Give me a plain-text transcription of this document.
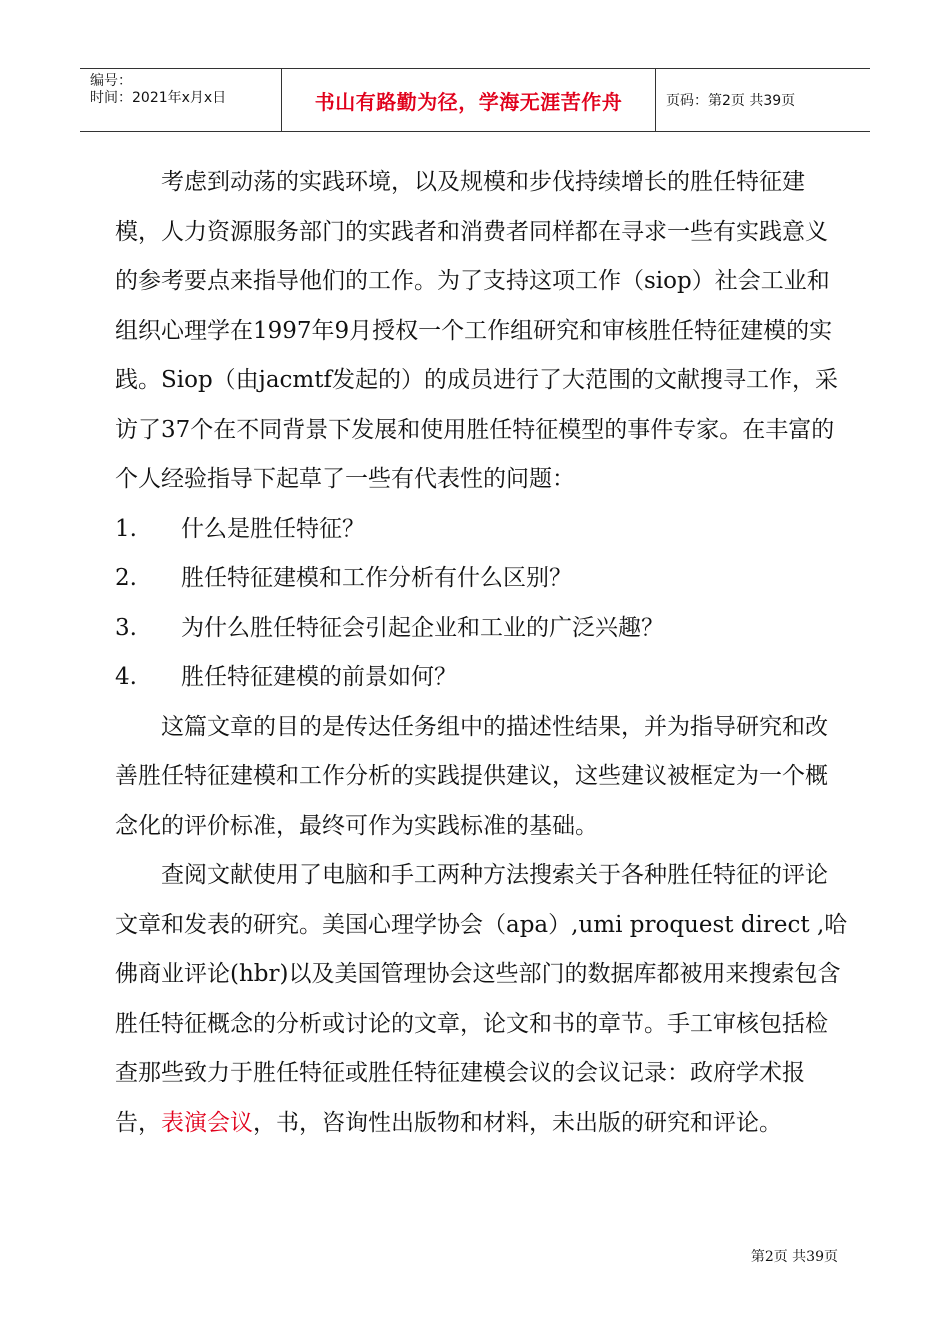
编号：
时间：2021年x月x日	书山有路勤为径，学海无涯苦作舟	页码：第2页 共39页

考虑到动荡的实践环境，以及规模和步伐持续增长的胜任特征建模，人力资源服务部门的实践者和消费者同样都在寻求一些有实践意义的参考要点来指导他们的工作。为了支持这项工作（siop）社会工业和组织心理学在1997年9月授权一个工作组研究和审核胜任特征建模的实践。Siop（由jacmtf发起的）的成员进行了大范围的文献搜寻工作，采访了37个在不同背景下发展和使用胜任特征模型的事件专家。在丰富的个人经验指导下起草了一些有代表性的问题：

1.	什么是胜任特征？
2.	胜任特征建模和工作分析有什么区别？
3.	为什么胜任特征会引起企业和工业的广泛兴趣？
4.	胜任特征建模的前景如何？

这篇文章的目的是传达任务组中的描述性结果，并为指导研究和改善胜任特征建模和工作分析的实践提供建议，这些建议被框定为一个概念化的评价标准，最终可作为实践标准的基础。

查阅文献使用了电脑和手工两种方法搜索关于各种胜任特征的评论文章和发表的研究。美国心理学协会（apa）,umi proquest direct ,哈佛商业评论(hbr)以及美国管理协会这些部门的数据库都被用来搜索包含胜任特征概念的分析或讨论的文章，论文和书的章节。手工审核包括检查那些致力于胜任特征或胜任特征建模会议的会议记录：政府学术报告，表演会议，书，咨询性出版物和材料，未出版的研究和评论。

第2页 共39页
